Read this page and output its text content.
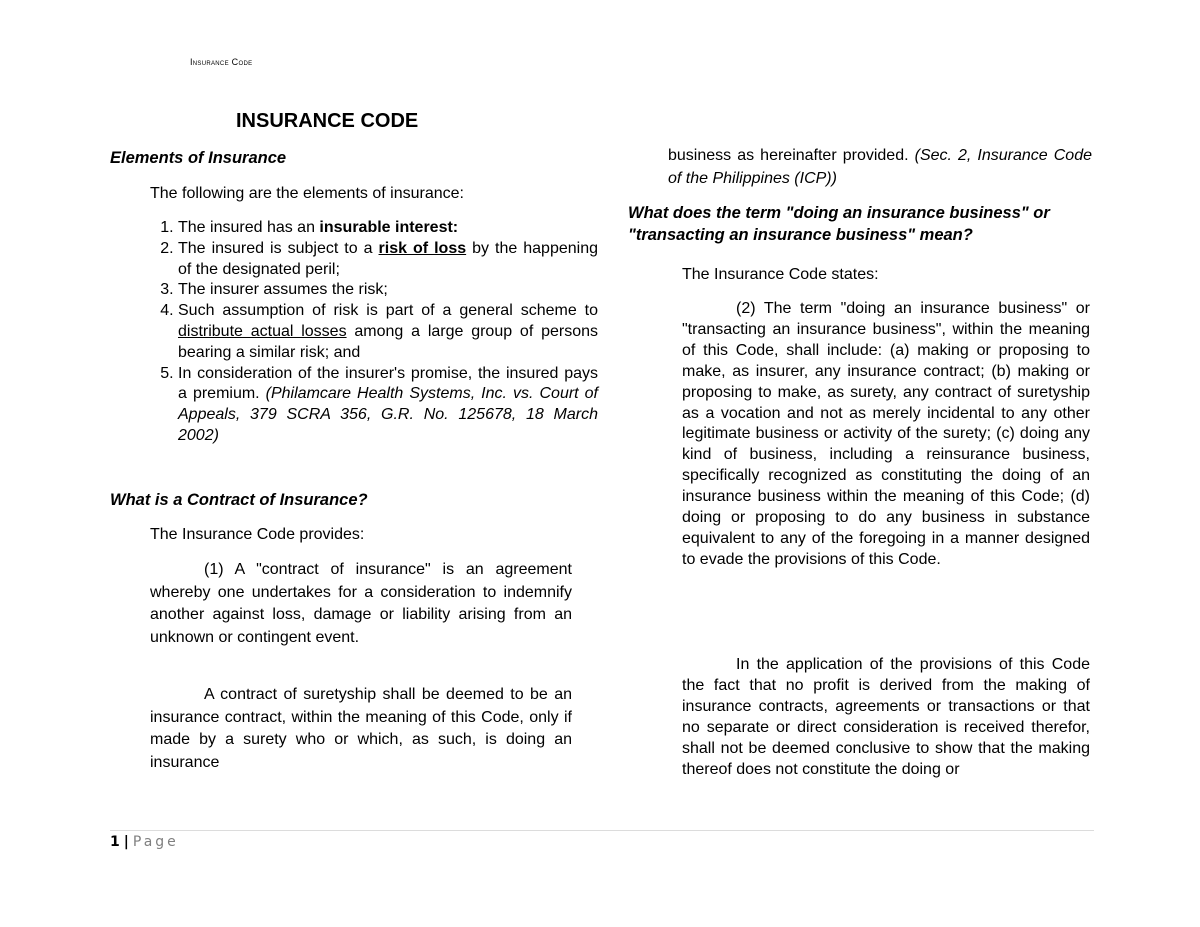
Insurance Code
INSURANCE CODE
Elements of Insurance
The following are the elements of insurance:
1. The insured has an insurable interest:
2. The insured is subject to a risk of loss by the happening of the designated peril;
3. The insurer assumes the risk;
4. Such assumption of risk is part of a general scheme to distribute actual losses among a large group of persons bearing a similar risk; and
5. In consideration of the insurer's promise, the insured pays a premium. (Philamcare Health Systems, Inc. vs. Court of Appeals, 379 SCRA 356, G.R. No. 125678, 18 March 2002)
What is a Contract of Insurance?
The Insurance Code provides:
(1) A "contract of insurance" is an agreement whereby one undertakes for a consideration to indemnify another against loss, damage or liability arising from an unknown or contingent event.
A contract of suretyship shall be deemed to be an insurance contract, within the meaning of this Code, only if made by a surety who or which, as such, is doing an insurance
business as hereinafter provided. (Sec. 2, Insurance Code of the Philippines (ICP))
What does the term "doing an insurance business" or "transacting an insurance business" mean?
The Insurance Code states:
(2) The term "doing an insurance business" or "transacting an insurance business", within the meaning of this Code, shall include: (a) making or proposing to make, as insurer, any insurance contract; (b) making or proposing to make, as surety, any contract of suretyship as a vocation and not as merely incidental to any other legitimate business or activity of the surety; (c) doing any kind of business, including a reinsurance business, specifically recognized as constituting the doing of an insurance business within the meaning of this Code; (d) doing or proposing to do any business in substance equivalent to any of the foregoing in a manner designed to evade the provisions of this Code.
In the application of the provisions of this Code the fact that no profit is derived from the making of insurance contracts, agreements or transactions or that no separate or direct consideration is received therefor, shall not be deemed conclusive to show that the making thereof does not constitute the doing or
1 | Page
